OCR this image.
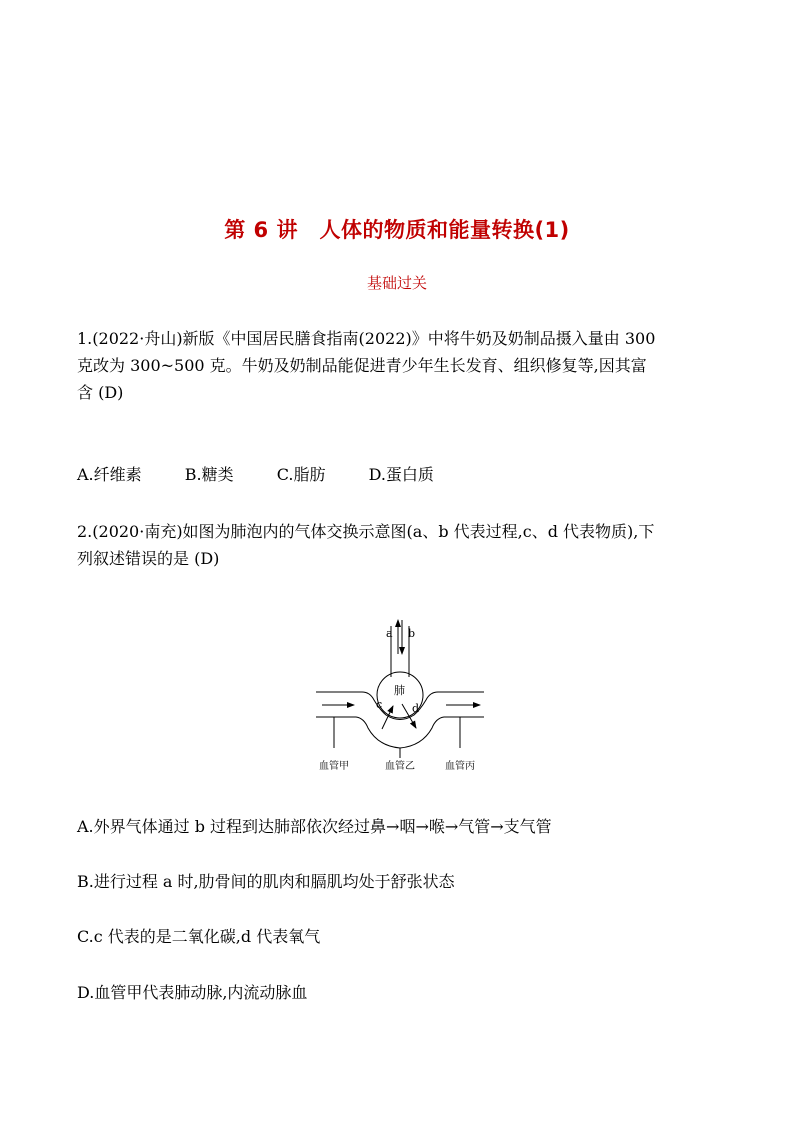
第 6 讲　人体的物质和能量转换(1)
基础过关
1.(2022·舟山)新版《中国居民膳食指南(2022)》中将牛奶及奶制品摄入量由 300
克改为 300~500 克。牛奶及奶制品能促进青少年生长发育、组织修复等,因其富
含 (D)
A.纤维素	B.糖类	C.脂肪	D.蛋白质
2.(2020·南充)如图为肺泡内的气体交换示意图(a、b 代表过程,c、d 代表物质),下
列叙述错误的是 (D)
a b
肺
c	d
血管甲	血管乙	血管丙
A.外界气体通过 b 过程到达肺部依次经过鼻→咽→喉→气管→支气管
B.进行过程 a 时,肋骨间的肌肉和膈肌均处于舒张状态
C.c 代表的是二氧化碳,d 代表氧气
D.血管甲代表肺动脉,内流动脉血
